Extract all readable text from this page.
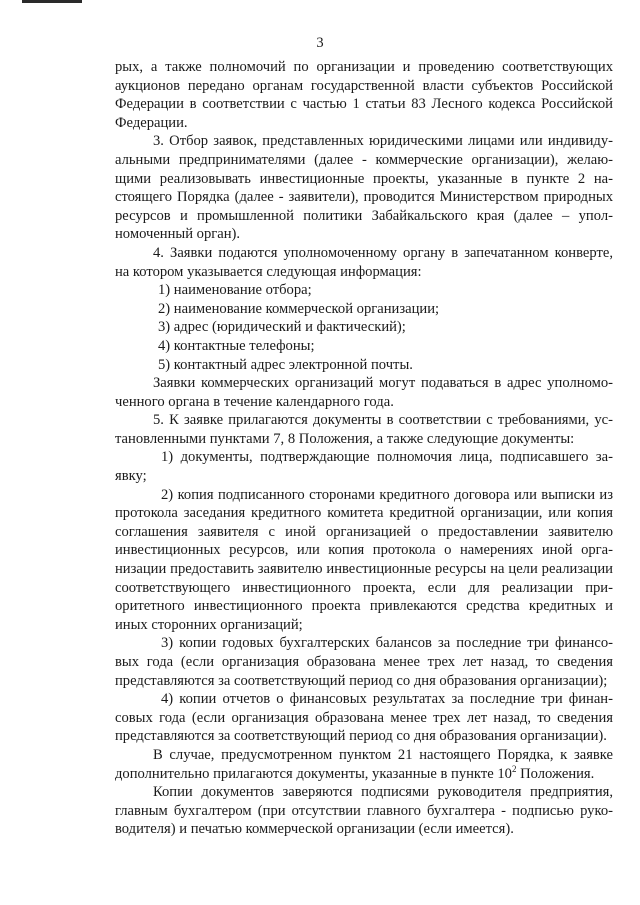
3

рых, а также полномочий по организации и проведению соответствующих аукционов передано органам государственной власти субъектов Российской Федерации в соответствии с частью 1 статьи 83 Лесного кодекса Российской Федерации.

3. Отбор заявок, представленных юридическими лицами или индивидуальными предпринимателями (далее - коммерческие организации), желающими реализовывать инвестиционные проекты, указанные в пункте 2 настоящего Порядка (далее - заявители), проводится Министерством природных ресурсов и промышленной политики Забайкальского края (далее – уполномоченный орган).

4. Заявки подаются уполномоченному органу в запечатанном конверте, на котором указывается следующая информация:

1) наименование отбора;

2) наименование коммерческой организации;

3) адрес (юридический и фактический);

4) контактные телефоны;

5) контактный адрес электронной почты.

Заявки коммерческих организаций могут подаваться в адрес уполномоченного органа в течение календарного года.

5. К заявке прилагаются документы в соответствии с требованиями, установленными пунктами 7, 8 Положения, а также следующие документы:

1) документы, подтверждающие полномочия лица, подписавшего заявку;

2) копия подписанного сторонами кредитного договора или выписки из протокола заседания кредитного комитета кредитной организации, или копия соглашения заявителя с иной организацией о предоставлении заявителю инвестиционных ресурсов, или копия протокола о намерениях иной организации предоставить заявителю инвестиционные ресурсы на цели реализации соответствующего инвестиционного проекта, если для реализации приоритетного инвестиционного проекта привлекаются средства кредитных и иных сторонних организаций;

3) копии годовых бухгалтерских балансов за последние три финансовых года (если организация образована менее трех лет назад, то сведения представляются за соответствующий период со дня образования организации);

4) копии отчетов о финансовых результатах за последние три финансовых года (если организация образована менее трех лет назад, то сведения представляются за соответствующий период со дня образования организации).

В случае, предусмотренном пунктом 21 настоящего Порядка, к заявке дополнительно прилагаются документы, указанные в пункте $10^2$ Положения.

Копии документов заверяются подписями руководителя предприятия, главным бухгалтером (при отсутствии главного бухгалтера - подписью руководителя) и печатью коммерческой организации (если имеется).
